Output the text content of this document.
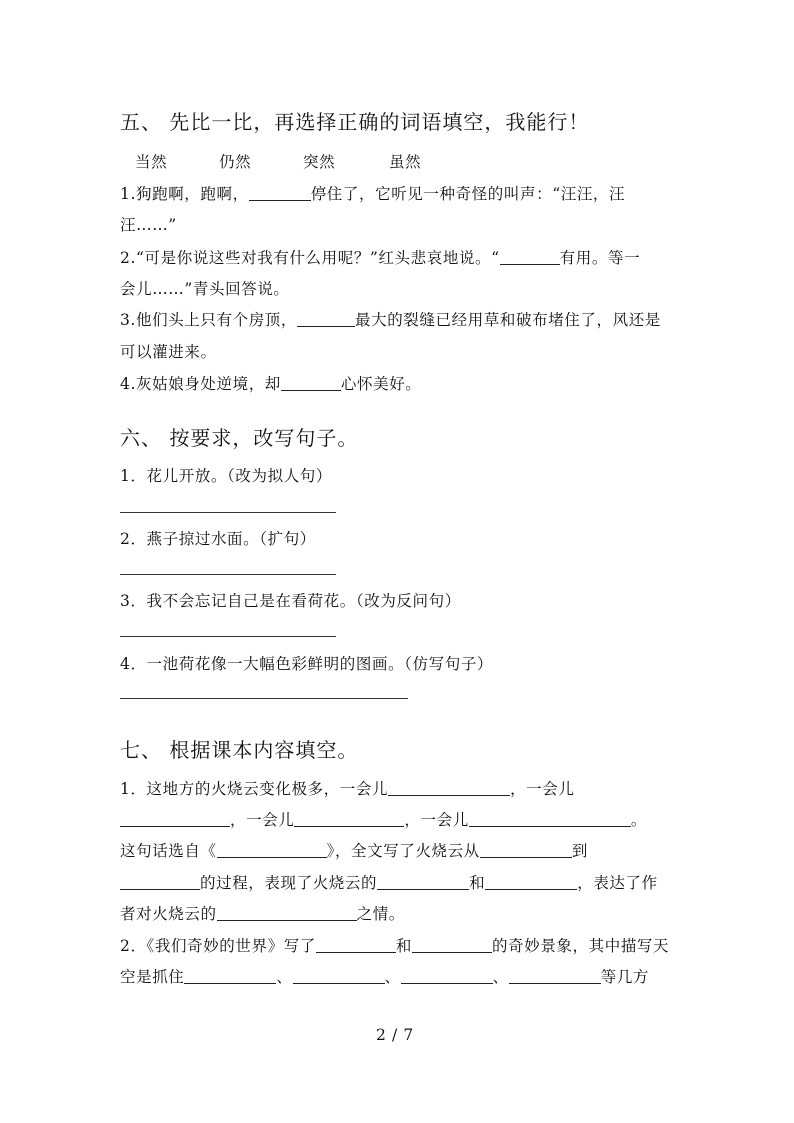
五、 先比一比，再选择正确的词语填空，我能行！
当然	仍然	突然	虽然
1.狗跑啊，跑啊，	停住了，它听见一种奇怪的叫声：“汪汪，汪
汪……”
2.“可是你说这些对我有什么用呢？”红头悲哀地说。“	有用。等一
会儿……”青头回答说。
3.他们头上只有个房顶，	最大的裂缝已经用草和破布堵住了，风还是
可以灌进来。
4.灰姑娘身处逆境，却	心怀美好。
六、 按要求，改写句子。
1．花儿开放。（改为拟人句）
2．燕子掠过水面。（扩句）
3．我不会忘记自己是在看荷花。（改为反问句）
4．一池荷花像一大幅色彩鲜明的图画。（仿写句子）
七、 根据课本内容填空。
1．这地方的火烧云变化极多，一会儿	，一会儿
，一会儿	，一会儿	。
这句话选自《	》，全文写了火烧云从	到
的过程，表现了火烧云的	和	，表达了作
者对火烧云的	之情。
2．《我们奇妙的世界》写了	和	的奇妙景象，其中描写天
空是抓住	、	、	、	等几方
2 / 7
